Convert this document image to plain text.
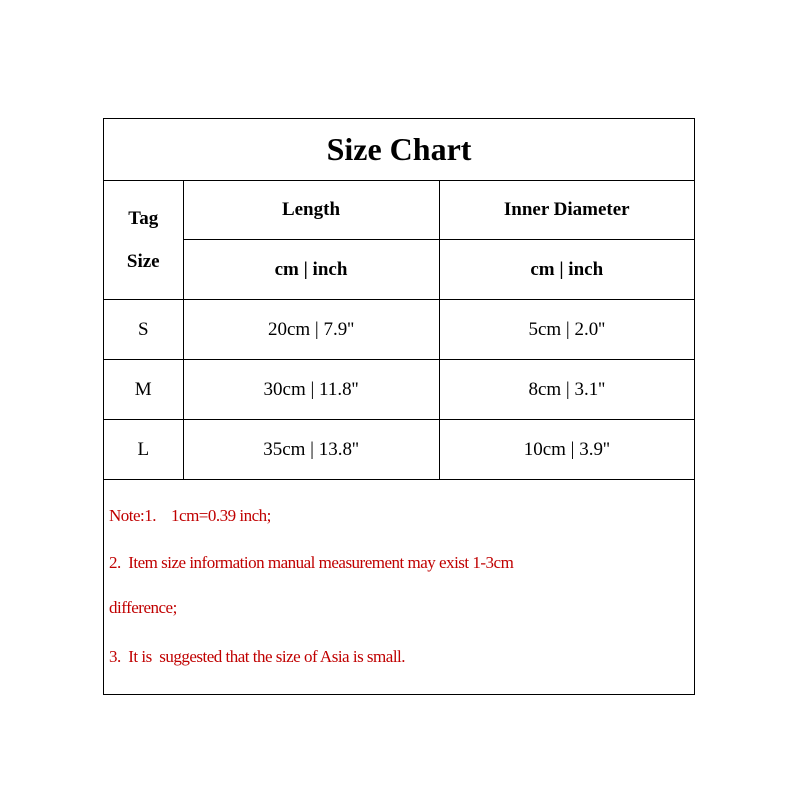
Size Chart
Tag
Size	Length	Inner Diameter
	cm | inch	cm | inch
S	20cm | 7.9''	5cm | 2.0''
M	30cm | 11.8''	8cm | 3.1''
L	35cm | 13.8''	10cm | 3.9''
Note:1.    1cm=0.39 inch;
2.  Item size information manual measurement may exist 1-3cm
difference;
3.  It is  suggested that the size of Asia is small.
